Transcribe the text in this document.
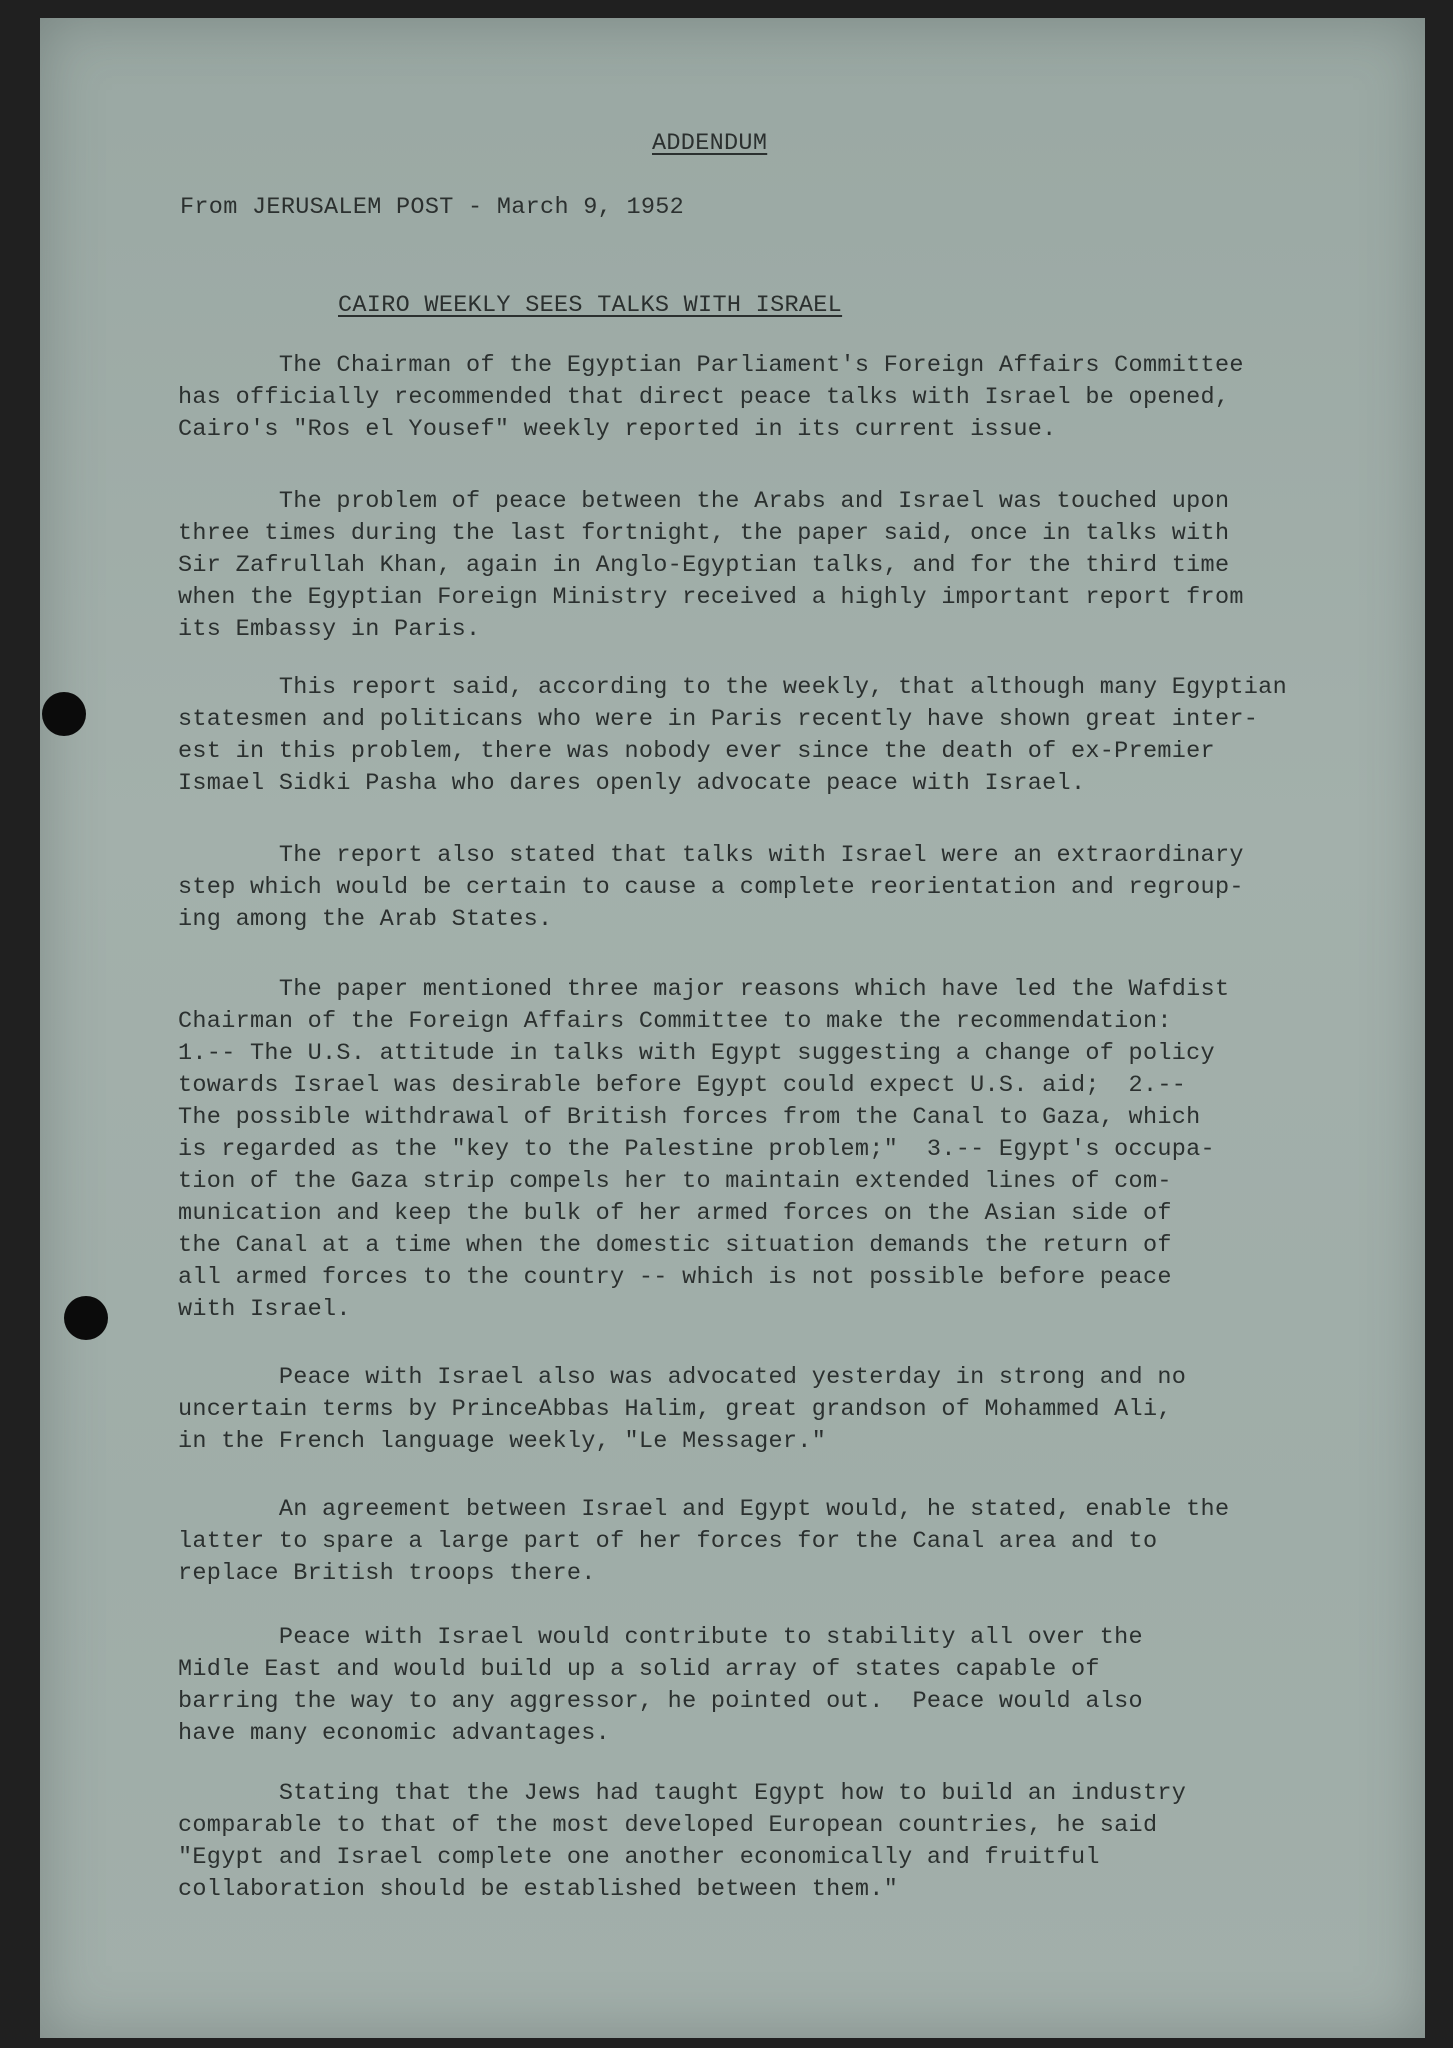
ADDENDUM

From JERUSALEM POST - March 9, 1952

CAIRO WEEKLY SEES TALKS WITH ISRAEL

The Chairman of the Egyptian Parliament's Foreign Affairs Committee
has officially recommended that direct peace talks with Israel be opened,
Cairo's "Ros el Yousef" weekly reported in its current issue.

The problem of peace between the Arabs and Israel was touched upon
three times during the last fortnight, the paper said, once in talks with
Sir Zafrullah Khan, again in Anglo-Egyptian talks, and for the third time
when the Egyptian Foreign Ministry received a highly important report from
its Embassy in Paris.

This report said, according to the weekly, that although many Egyptian
statesmen and politicans who were in Paris recently have shown great inter-
est in this problem, there was nobody ever since the death of ex-Premier
Ismael Sidki Pasha who dares openly advocate peace with Israel.

The report also stated that talks with Israel were an extraordinary
step which would be certain to cause a complete reorientation and regroup-
ing among the Arab States.

The paper mentioned three major reasons which have led the Wafdist
Chairman of the Foreign Affairs Committee to make the recommendation:
1.-- The U.S. attitude in talks with Egypt suggesting a change of policy
towards Israel was desirable before Egypt could expect U.S. aid;  2.--
The possible withdrawal of British forces from the Canal to Gaza, which
is regarded as the "key to the Palestine problem;"  3.-- Egypt's occupa-
tion of the Gaza strip compels her to maintain extended lines of com-
munication and keep the bulk of her armed forces on the Asian side of
the Canal at a time when the domestic situation demands the return of
all armed forces to the country -- which is not possible before peace
with Israel.

Peace with Israel also was advocated yesterday in strong and no
uncertain terms by PrinceAbbas Halim, great grandson of Mohammed Ali,
in the French language weekly, "Le Messager."

An agreement between Israel and Egypt would, he stated, enable the
latter to spare a large part of her forces for the Canal area and to
replace British troops there.

Peace with Israel would contribute to stability all over the
Midle East and would build up a solid array of states capable of
barring the way to any aggressor, he pointed out.  Peace would also
have many economic advantages.

Stating that the Jews had taught Egypt how to build an industry
comparable to that of the most developed European countries, he said
"Egypt and Israel complete one another economically and fruitful
collaboration should be established between them."
